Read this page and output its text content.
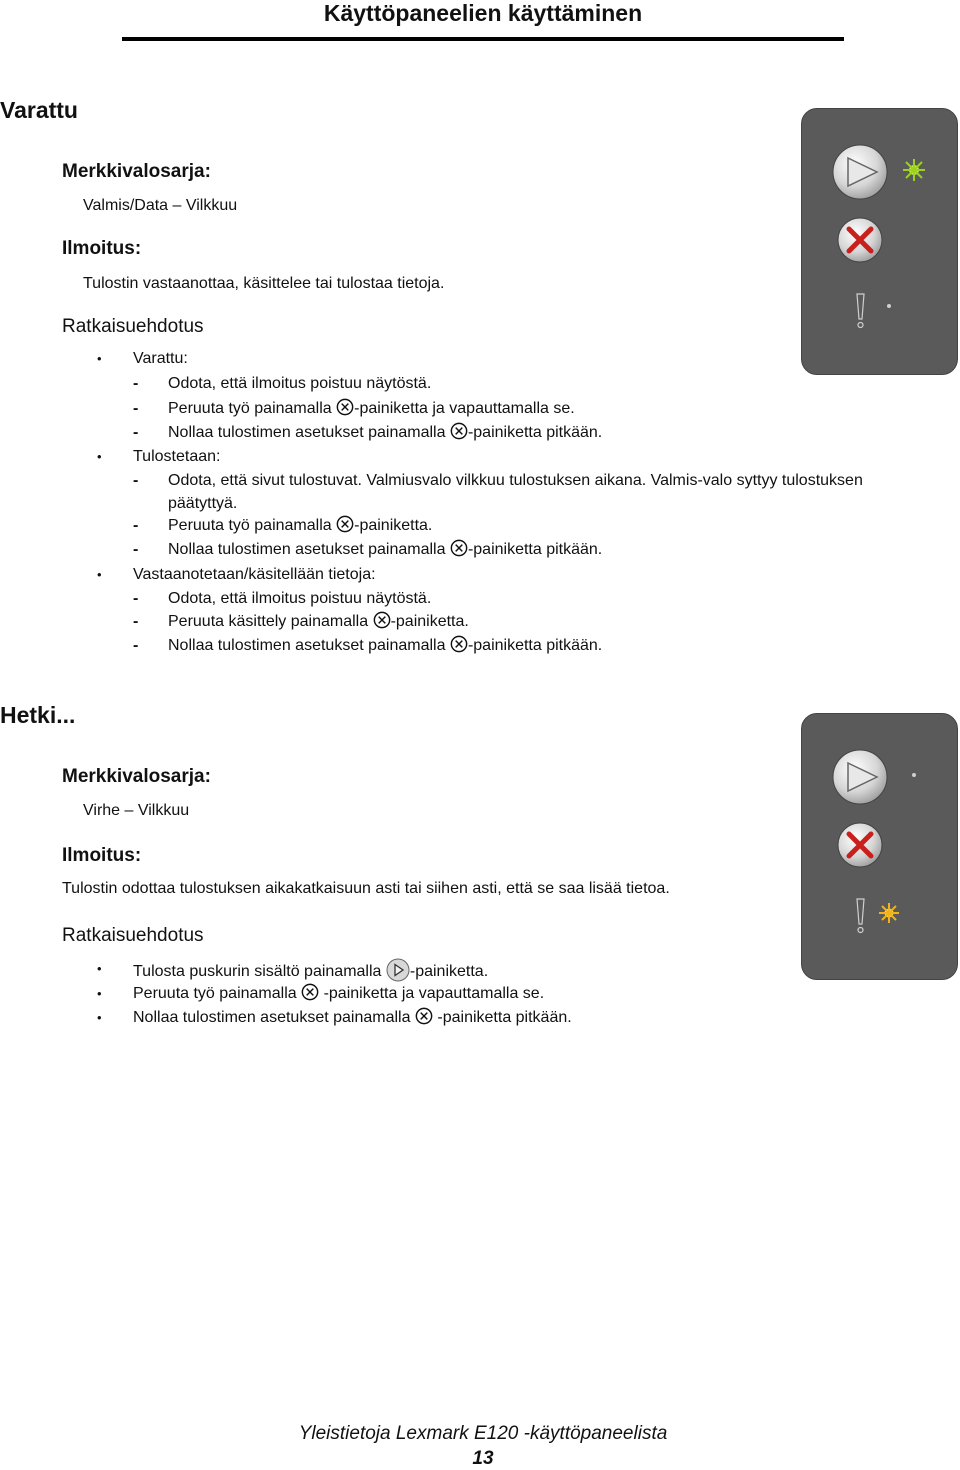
Käyttöpaneelien käyttäminen
Varattu
Merkkivalosarja:
Valmis/Data – Vilkkuu
Ilmoitus:
Tulostin vastaanottaa, käsittelee tai tulostaa tietoja.
Ratkaisuehdotus
• Varattu:
- Odota, että ilmoitus poistuu näytöstä.
- Peruuta työ painamalla -painiketta ja vapauttamalla se.
- Nollaa tulostimen asetukset painamalla -painiketta pitkään.
• Tulostetaan:
- Odota, että sivut tulostuvat. Valmiusvalo vilkkuu tulostuksen aikana. Valmis-valo syttyy tulostuksen
päätyttyä.
- Peruuta työ painamalla -painiketta.
- Nollaa tulostimen asetukset painamalla -painiketta pitkään.
• Vastaanotetaan/käsitellään tietoja:
- Odota, että ilmoitus poistuu näytöstä.
- Peruuta käsittely painamalla -painiketta.
- Nollaa tulostimen asetukset painamalla -painiketta pitkään.
Hetki...
Merkkivalosarja:
Virhe – Vilkkuu
Ilmoitus:
Tulostin odottaa tulostuksen aikakatkaisuun asti tai siihen asti, että se saa lisää tietoa.
Ratkaisuehdotus
• Tulosta puskurin sisältö painamalla -painiketta.
• Peruuta työ painamalla -painiketta ja vapauttamalla se.
• Nollaa tulostimen asetukset painamalla -painiketta pitkään.
Yleistietoja Lexmark E120 -käyttöpaneelista
13
